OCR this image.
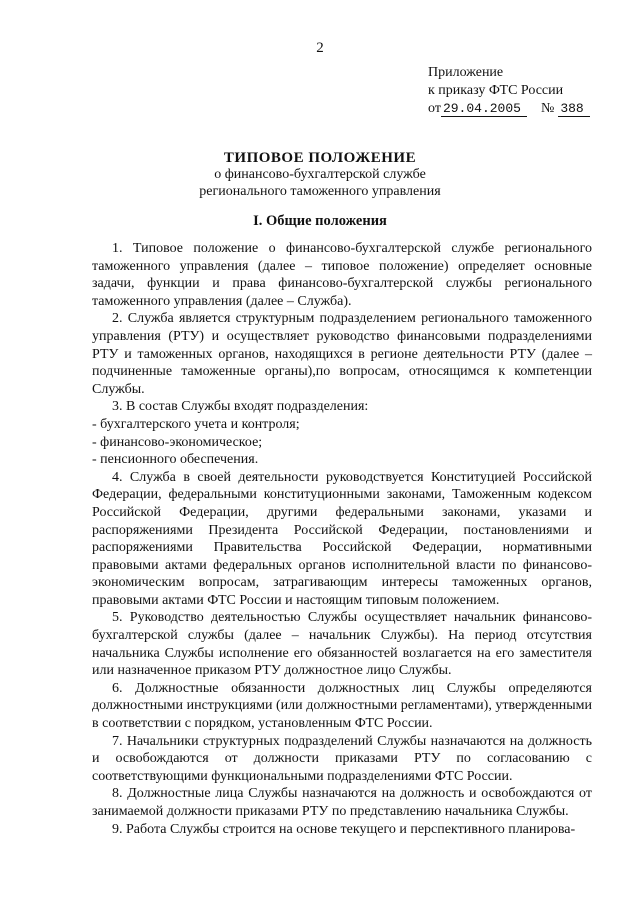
2
Приложение
к приказу ФТС России
от 29.04.2005 № 388
ТИПОВОЕ ПОЛОЖЕНИЕ
о финансово-бухгалтерской службе
регионального таможенного управления
I. Общие положения

1. Типовое положение о финансово-бухгалтерской службе регионального таможенного управления (далее – типовое положение) определяет основные задачи, функции и права финансово-бухгалтерской службы регионального таможенного управления (далее – Служба).

2. Служба является структурным подразделением регионального таможенного управления (РТУ) и осуществляет руководство финансовыми подразделениями РТУ и таможенных органов, находящихся в регионе деятельности РТУ (далее – подчиненные таможенные органы),по вопросам, относящимся к компетенции Службы.

3. В состав Службы входят подразделения:

- бухгалтерского учета и контроля;

- финансово-экономическое;

- пенсионного обеспечения.

4. Служба в своей деятельности руководствуется Конституцией Российской Федерации, федеральными конституционными законами, Таможенным кодексом Российской Федерации, другими федеральными законами, указами и распоряжениями Президента Российской Федерации, постановлениями и распоряжениями Правительства Российской Федерации, нормативными правовыми актами федеральных органов исполнительной власти по финансово-экономическим вопросам, затрагивающим интересы таможенных органов, правовыми актами ФТС России и настоящим типовым положением.

5. Руководство деятельностью Службы осуществляет начальник финансово-бухгалтерской службы (далее – начальник Службы). На период отсутствия начальника Службы исполнение его обязанностей возлагается на его заместителя или назначенное приказом РТУ должностное лицо Службы.

6. Должностные обязанности должностных лиц Службы определяются должностными инструкциями (или должностными регламентами), утвержденными в соответствии с порядком, установленным ФТС России.

7. Начальники структурных подразделений Службы назначаются на должность и освобождаются от должности приказами РТУ по согласованию с соответствующими функциональными подразделениями ФТС России.

8. Должностные лица Службы назначаются на должность и освобождаются от занимаемой должности приказами РТУ по представлению начальника Службы.

9. Работа Службы строится на основе текущего и перспективного планирова-
